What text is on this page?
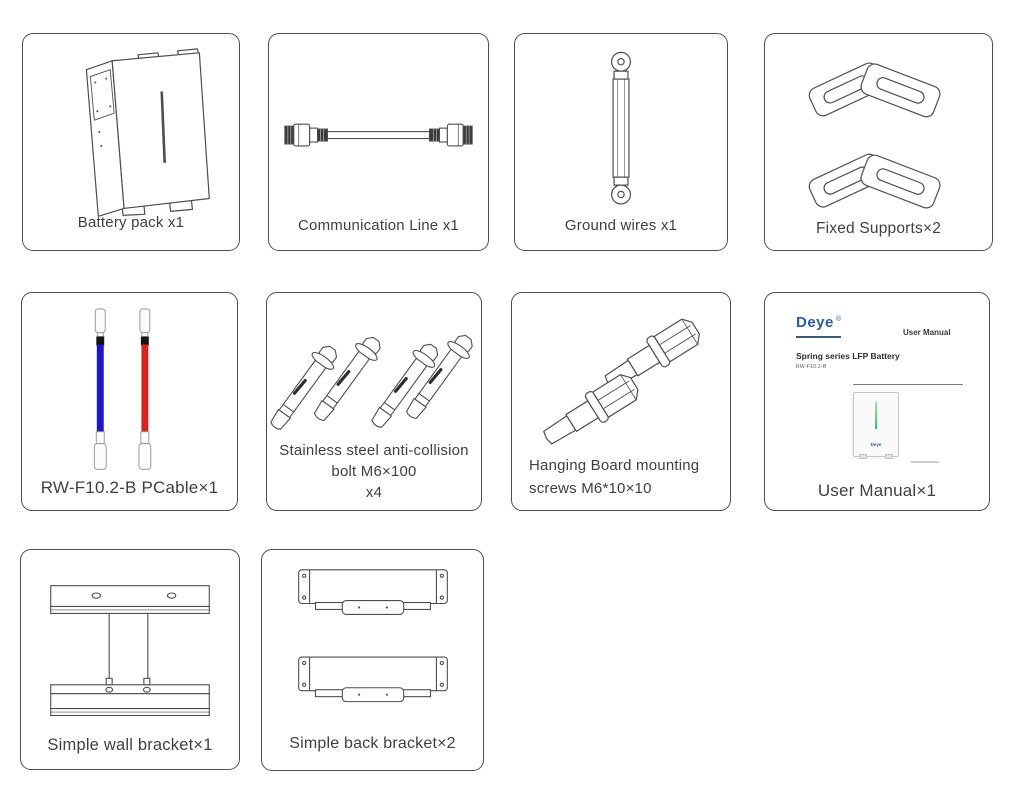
Battery pack x1	Communication Line x1	Ground wires x1	Fixed Supports×2
RW-F10.2-B PCable×1
Stainless steel anti-collision
bolt M6×100
x4
Hanging Board mounting
screws M6*10×10
Deye ®
User Manual
Spring series LFP Battery
RW-F10.2-B
Deye
User Manual×1
Simple wall bracket×1	Simple back bracket×2
